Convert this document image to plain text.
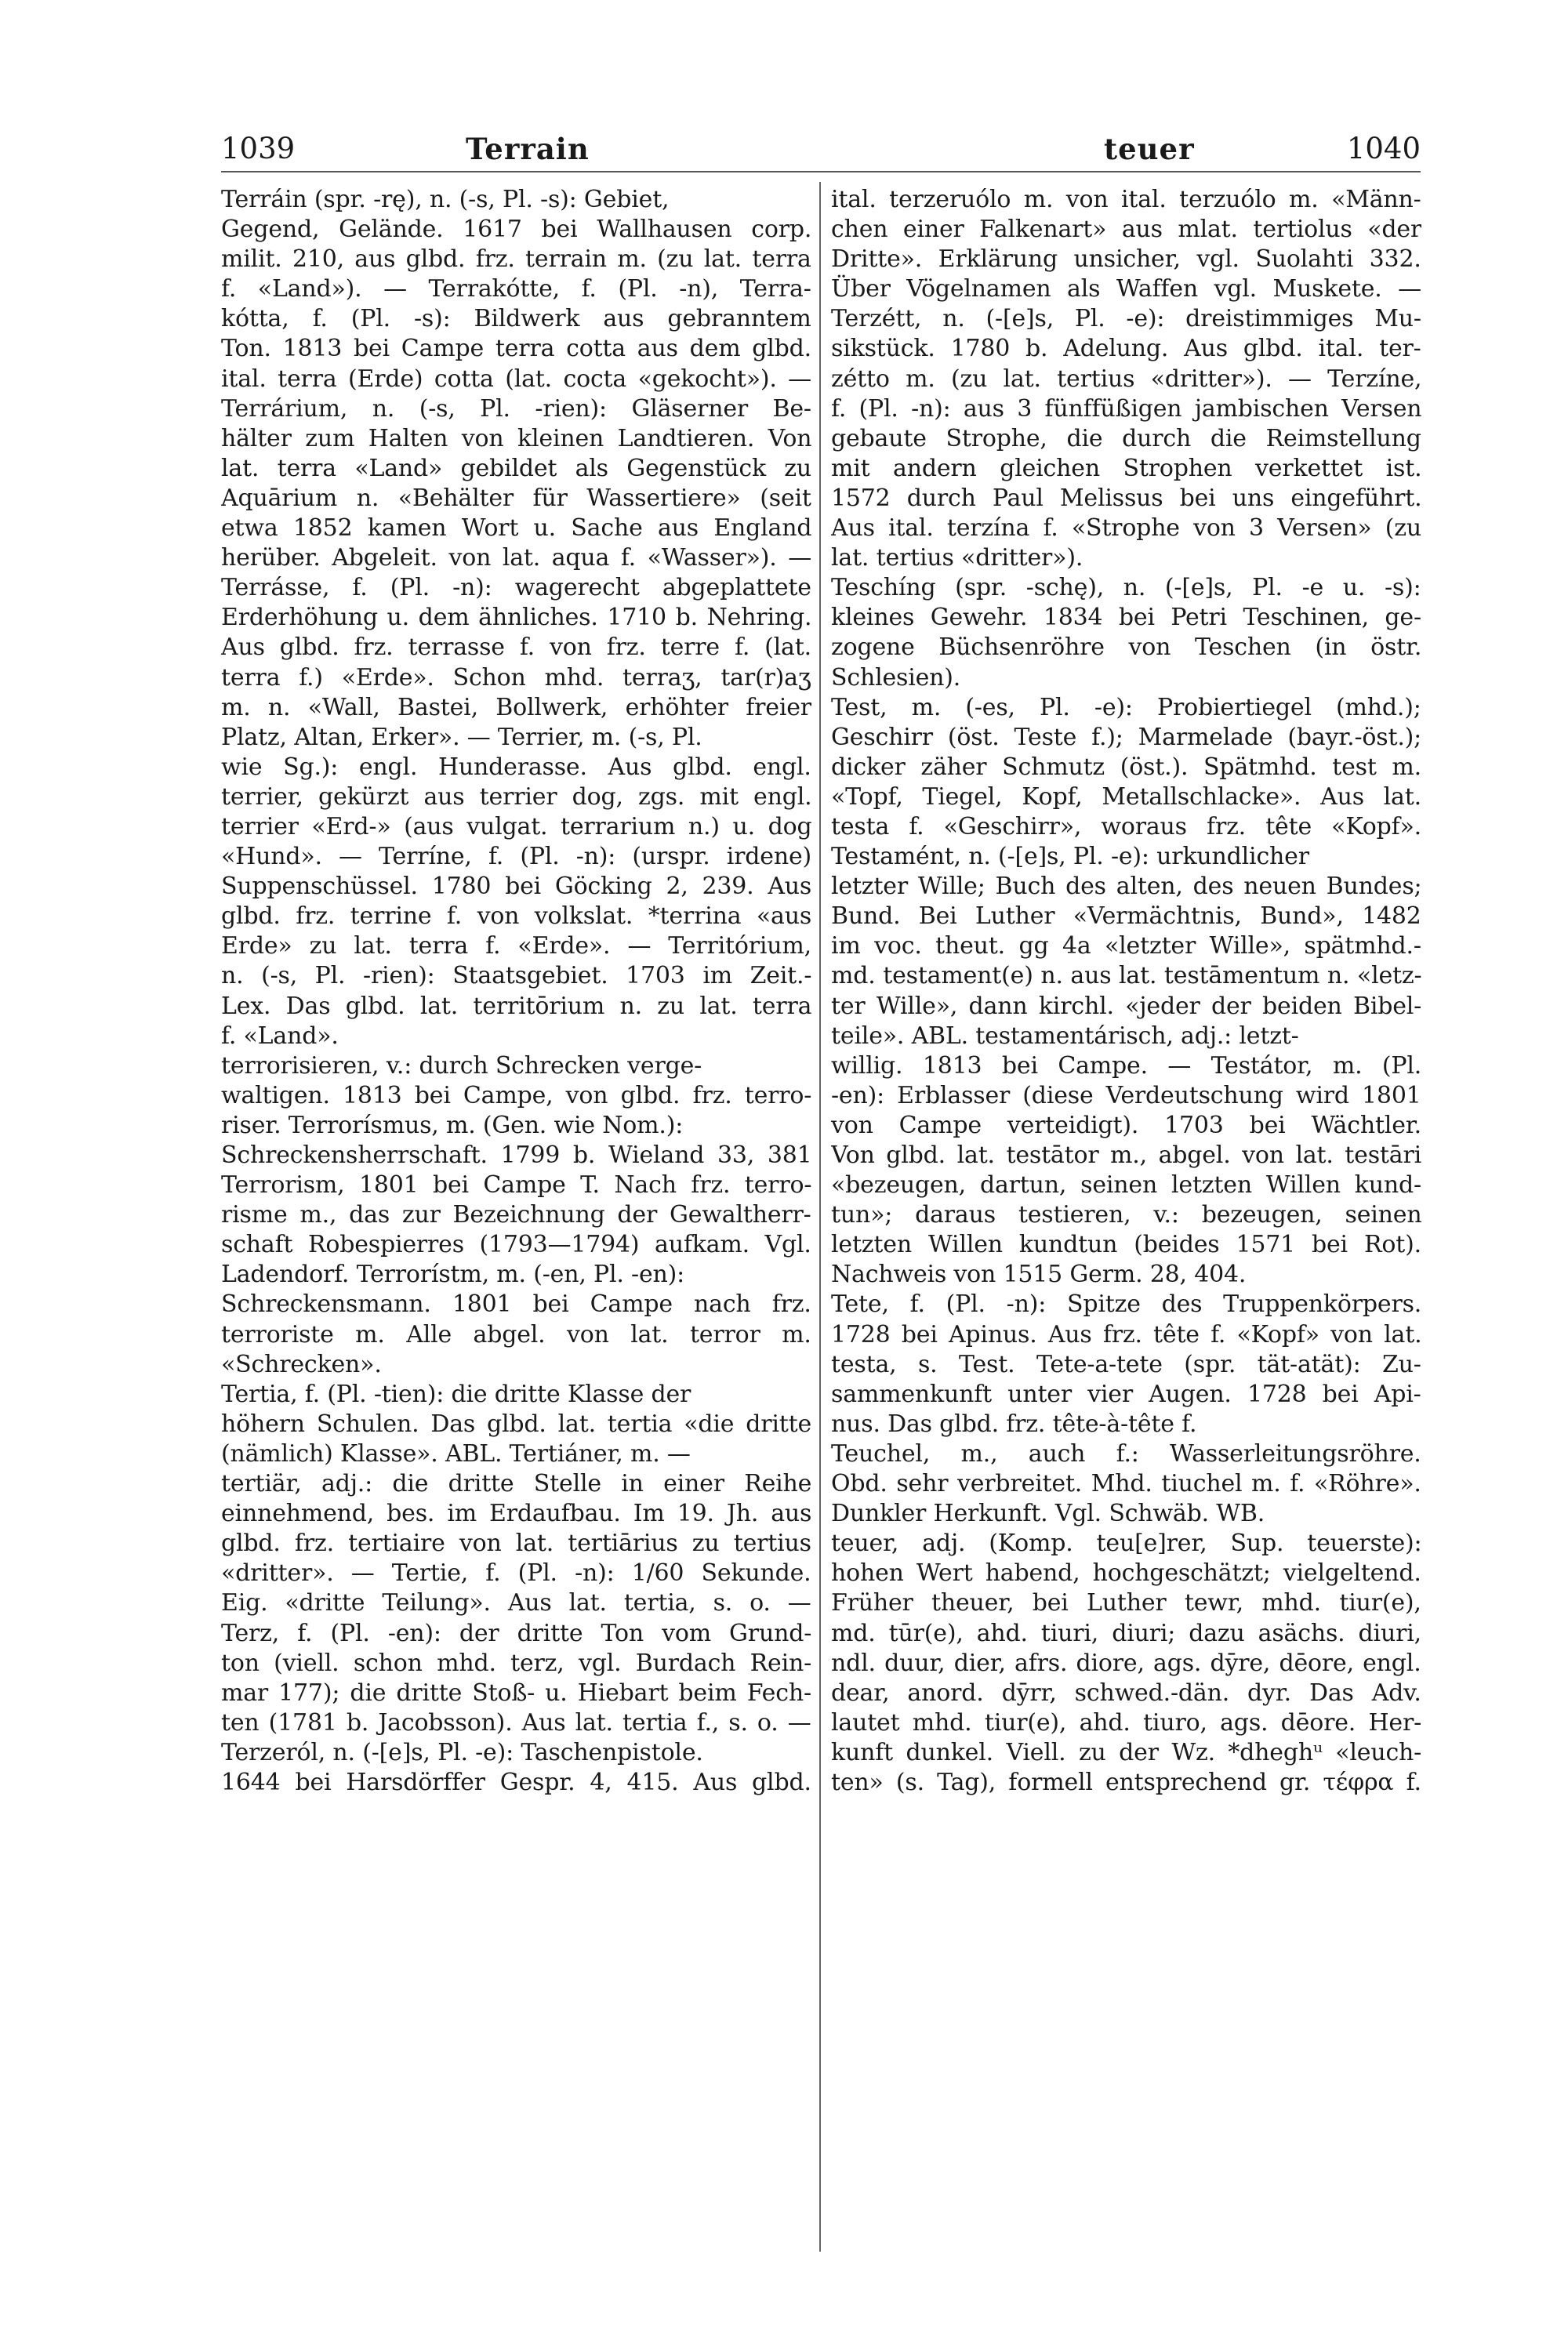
1039	Terrain	teuer	1040
Terráin (spr. -rę), n. (-s, Pl. -s): Gebiet,
Gegend, Gelände. 1617 bei Wallhausen corp.
milit. 210, aus glbd. frz. terrain m. (zu lat. terra
f. «Land»). — Terrakótte, f. (Pl. -n), Terra-
kótta, f. (Pl. -s): Bildwerk aus gebranntem
Ton. 1813 bei Campe terra cotta aus dem glbd.
ital. terra (Erde) cotta (lat. cocta «gekocht»). —
Terrárium, n. (-s, Pl. -rien): Gläserner Be-
hälter zum Halten von kleinen Landtieren. Von
lat. terra «Land» gebildet als Gegenstück zu
Aquārium n. «Behälter für Wassertiere» (seit
etwa 1852 kamen Wort u. Sache aus England
herüber. Abgeleit. von lat. aqua f. «Wasser»). —
Terrásse, f. (Pl. -n): wagerecht abgeplattete
Erderhöhung u. dem ähnliches. 1710 b. Nehring.
Aus glbd. frz. terrasse f. von frz. terre f. (lat.
terra f.) «Erde». Schon mhd. terraʒ, tar(r)aʒ
m. n. «Wall, Bastei, Bollwerk, erhöhter freier
Platz, Altan, Erker». — Terrier, m. (-s, Pl.
wie Sg.): engl. Hunderasse. Aus glbd. engl.
terrier, gekürzt aus terrier dog, zgs. mit engl.
terrier «Erd-» (aus vulgat. terrarium n.) u. dog
«Hund». — Terríne, f. (Pl. -n): (urspr. irdene)
Suppenschüssel. 1780 bei Göcking 2, 239. Aus
glbd. frz. terrine f. von volkslat. *terrina «aus
Erde» zu lat. terra f. «Erde». — Territórium,
n. (-s, Pl. -rien): Staatsgebiet. 1703 im Zeit.-
Lex. Das glbd. lat. territōrium n. zu lat. terra
f. «Land».
terrorisieren, v.: durch Schrecken verge-
waltigen. 1813 bei Campe, von glbd. frz. terro-
riser. Terrorísmus, m. (Gen. wie Nom.):
Schreckensherrschaft. 1799 b. Wieland 33, 381
Terrorism, 1801 bei Campe T. Nach frz. terro-
risme m., das zur Bezeichnung der Gewaltherr-
schaft Robespierres (1793—1794) aufkam. Vgl.
Ladendorf. Terrorístm, m. (-en, Pl. -en):
Schreckensmann. 1801 bei Campe nach frz.
terroriste m. Alle abgel. von lat. terror m.
«Schrecken».
Tertia, f. (Pl. -tien): die dritte Klasse der
höhern Schulen. Das glbd. lat. tertia «die dritte
(nämlich) Klasse». ABL. Tertiáner, m. —
tertiär, adj.: die dritte Stelle in einer Reihe
einnehmend, bes. im Erdaufbau. Im 19. Jh. aus
glbd. frz. tertiaire von lat. tertiārius zu tertius
«dritter». — Tertie, f. (Pl. -n): 1/60 Sekunde.
Eig. «dritte Teilung». Aus lat. tertia, s. o. —
Terz, f. (Pl. -en): der dritte Ton vom Grund-
ton (viell. schon mhd. terz, vgl. Burdach Rein-
mar 177); die dritte Stoß- u. Hiebart beim Fech-
ten (1781 b. Jacobsson). Aus lat. tertia f., s. o. —
Terzeról, n. (-[e]s, Pl. -e): Taschenpistole.
1644 bei Harsdörffer Gespr. 4, 415. Aus glbd.
ital. terzeruólo m. von ital. terzuólo m. «Männ-
chen einer Falkenart» aus mlat. tertiolus «der
Dritte». Erklärung unsicher, vgl. Suolahti 332.
Über Vögelnamen als Waffen vgl. Muskete. —
Terzétt, n. (-[e]s, Pl. -e): dreistimmiges Mu-
sikstück. 1780 b. Adelung. Aus glbd. ital. ter-
zétto m. (zu lat. tertius «dritter»). — Terzíne,
f. (Pl. -n): aus 3 fünffüßigen jambischen Versen
gebaute Strophe, die durch die Reimstellung
mit andern gleichen Strophen verkettet ist.
1572 durch Paul Melissus bei uns eingeführt.
Aus ital. terzína f. «Strophe von 3 Versen» (zu
lat. tertius «dritter»).
Teschíng (spr. -schę), n. (-[e]s, Pl. -e u. -s):
kleines Gewehr. 1834 bei Petri Teschinen, ge-
zogene Büchsenröhre von Teschen (in östr.
Schlesien).
Test, m. (-es, Pl. -e): Probiertiegel (mhd.);
Geschirr (öst. Teste f.); Marmelade (bayr.-öst.);
dicker zäher Schmutz (öst.). Spätmhd. test m.
«Topf, Tiegel, Kopf, Metallschlacke». Aus lat.
testa f. «Geschirr», woraus frz. tête «Kopf».
Testamént, n. (-[e]s, Pl. -e): urkundlicher
letzter Wille; Buch des alten, des neuen Bundes;
Bund. Bei Luther «Vermächtnis, Bund», 1482
im voc. theut. gg 4a «letzter Wille», spätmhd.-
md. testament(e) n. aus lat. testāmentum n. «letz-
ter Wille», dann kirchl. «jeder der beiden Bibel-
teile». ABL. testamentárisch, adj.: letzt-
willig. 1813 bei Campe. — Testátor, m. (Pl.
-en): Erblasser (diese Verdeutschung wird 1801
von Campe verteidigt). 1703 bei Wächtler.
Von glbd. lat. testātor m., abgel. von lat. testāri
«bezeugen, dartun, seinen letzten Willen kund-
tun»; daraus testieren, v.: bezeugen, seinen
letzten Willen kundtun (beides 1571 bei Rot).
Nachweis von 1515 Germ. 28, 404.
Tete, f. (Pl. -n): Spitze des Truppenkörpers.
1728 bei Apinus. Aus frz. tête f. «Kopf» von lat.
testa, s. Test. Tete-a-tete (spr. tät-atät): Zu-
sammenkunft unter vier Augen. 1728 bei Api-
nus. Das glbd. frz. tête-à-tête f.
Teuchel, m., auch f.: Wasserleitungsröhre.
Obd. sehr verbreitet. Mhd. tiuchel m. f. «Röhre».
Dunkler Herkunft. Vgl. Schwäb. WB.
teuer, adj. (Komp. teu[e]rer, Sup. teuerste):
hohen Wert habend, hochgeschätzt; vielgeltend.
Früher theuer, bei Luther tewr, mhd. tiur(e),
md. tūr(e), ahd. tiuri, diuri; dazu asächs. diuri,
ndl. duur, dier, afrs. diore, ags. dȳre, dēore, engl.
dear, anord. dȳrr, schwed.-dän. dyr. Das Adv.
lautet mhd. tiur(e), ahd. tiuro, ags. dēore. Her-
kunft dunkel. Viell. zu der Wz. *dheghᵘ «leuch-
ten» (s. Tag), formell entsprechend gr. τέφρα f.
